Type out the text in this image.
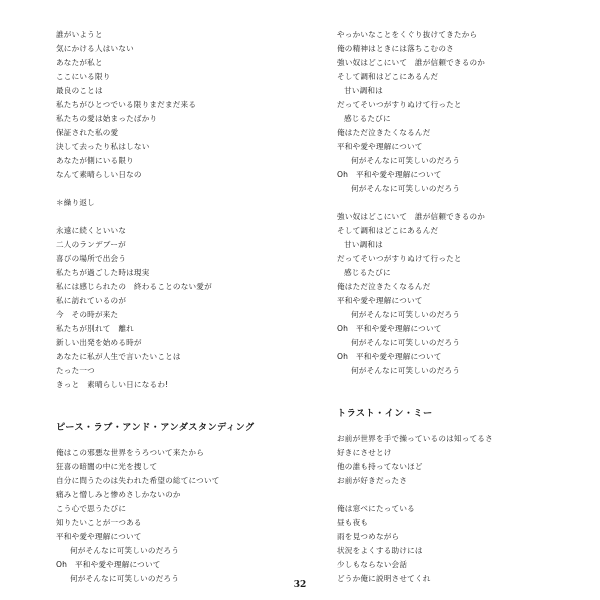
誰がいようと
気にかける人はいない
あなたが私と
ここにいる限り
最良のことは
私たちがひとつでいる限りまだまだ来る
私たちの愛は始まったばかり
保証された私の愛
決して去ったり私はしない
あなたが側にいる限り
なんて素晴らしい日なの
＊繰り返し
永遠に続くといいな
二人のランデブーが
喜びの場所で出会う
私たちが過ごした時は現実
私には感じられたの　終わることのない愛が
私に訪れているのが
今　その時が来た
私たちが別れて　離れ
新しい出発を始める時が
あなたに私が人生で言いたいことは
たった一つ
きっと　素晴らしい日になるわ!
ピース・ラブ・アンド・アンダスタンディング
俺はこの邪悪な世界をうろついて来たから
狂喜の暗闇の中に光を捜して
自分に問うたのは失われた希望の総てについて
痛みと憎しみと惨めさしかないのか
こう心で思うたびに
知りたいことが一つある
平和や愛や理解について
何がそんなに可笑しいのだろう
Oh　平和や愛や理解について
何がそんなに可笑しいのだろう
やっかいなことをくぐり抜けてきたから
俺の精神はときには落ちこむのさ
強い奴はどこにいて　誰が信頼できるのか
そして調和はどこにあるんだ
甘い調和は
だってそいつがすりぬけて行ったと
感じるたびに
俺はただ泣きたくなるんだ
平和や愛や理解について
何がそんなに可笑しいのだろう
Oh　平和や愛や理解について
何がそんなに可笑しいのだろう
強い奴はどこにいて　誰が信頼できるのか
そして調和はどこにあるんだ
甘い調和は
だってそいつがすりぬけて行ったと
感じるたびに
俺はただ泣きたくなるんだ
平和や愛や理解について
何がそんなに可笑しいのだろう
Oh　平和や愛や理解について
何がそんなに可笑しいのだろう
Oh　平和や愛や理解について
何がそんなに可笑しいのだろう
トラスト・イン・ミー
お前が世界を手で操っているのは知ってるさ
好きにさせとけ
他の誰も持ってないほど
お前が好きだったさ
俺は窓べにたっている
昼も夜も
雨を見つめながら
状況をよくする助けには
少しもならない会話
どうか俺に説明させてくれ
32
